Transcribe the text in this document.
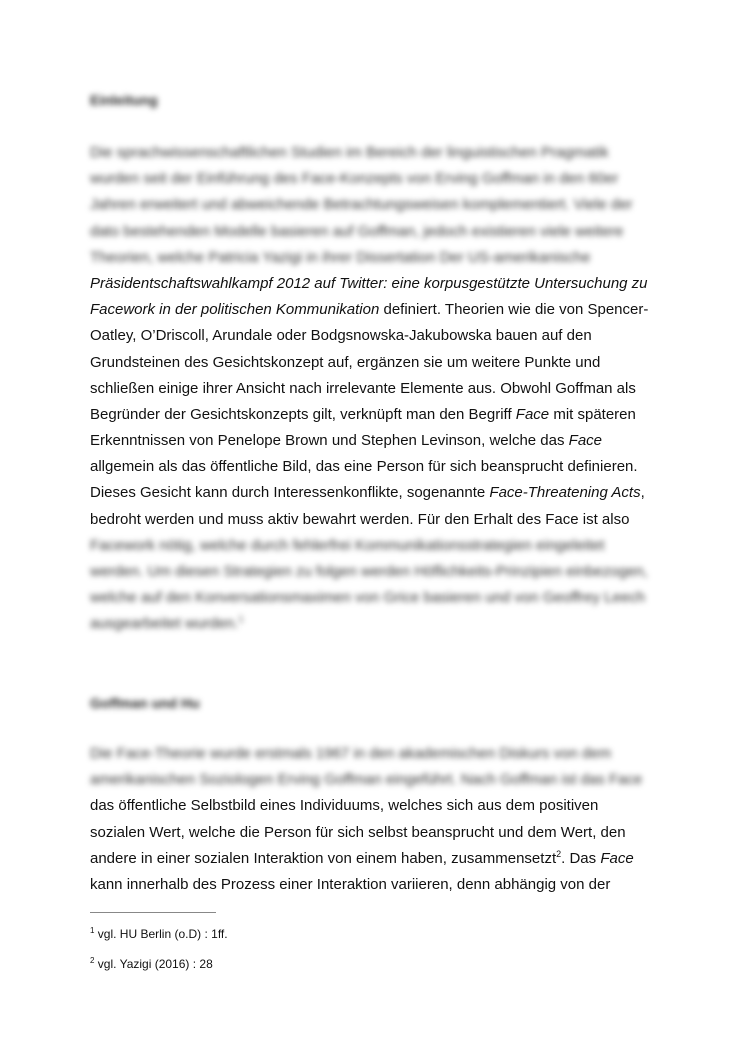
Einleitung
Die sprachwissenschaftlichen Studien im Bereich der linguistischen Pragmatik
wurden seit der Einführung des Face-Konzepts von Erving Goffman in den 60er
Jahren erweitert und abweichende Betrachtungsweisen komplementiert. Viele der
dato bestehenden Modelle basieren auf Goffman, jedoch existieren viele weitere
Theorien, welche Patricia Yazigi in ihrer Dissertation Der US-amerikanische
Präsidentschaftswahlkampf 2012 auf Twitter: eine korpusgestützte Untersuchung zu
Facework in der politischen Kommunikation definiert. Theorien wie die von Spencer-
Oatley, O’Driscoll, Arundale oder Bodgsnowska-Jakubowska bauen auf den
Grundsteinen des Gesichtskonzept auf, ergänzen sie um weitere Punkte und
schließen einige ihrer Ansicht nach irrelevante Elemente aus. Obwohl Goffman als
Begründer der Gesichtskonzepts gilt, verknüpft man den Begriff Face mit späteren
Erkenntnissen von Penelope Brown und Stephen Levinson, welche das Face
allgemein als das öffentliche Bild, das eine Person für sich beansprucht definieren.
Dieses Gesicht kann durch Interessenkonflikte, sogenannte Face-Threatening Acts,
bedroht werden und muss aktiv bewahrt werden. Für den Erhalt des Face ist also
Facework nötig, welche durch fehlerfrei Kommunikationsstrategien eingeleitet
werden. Um diesen Strategien zu folgen werden Höflichkeits-Prinzipien einbezogen,
welche auf den Konversationsmaximen von Grice basieren und von Geoffrey Leech
ausgearbeitet wurden.$^1$
Goffman und Hu
Die Face-Theorie wurde erstmals 1967 in den akademischen Diskurs von dem
amerikanischen Soziologen Erving Goffman eingeführt. Nach Goffman ist das Face
das öffentliche Selbstbild eines Individuums, welches sich aus dem positiven
sozialen Wert, welche die Person für sich selbst beansprucht und dem Wert, den
andere in einer sozialen Interaktion von einem haben, zusammensetzt$^2$. Das Face
kann innerhalb des Prozess einer Interaktion variieren, denn abhängig von der

$^1$ vgl. HU Berlin (o.D) : 1ff.

$^2$ vgl. Yazigi (2016) : 28
